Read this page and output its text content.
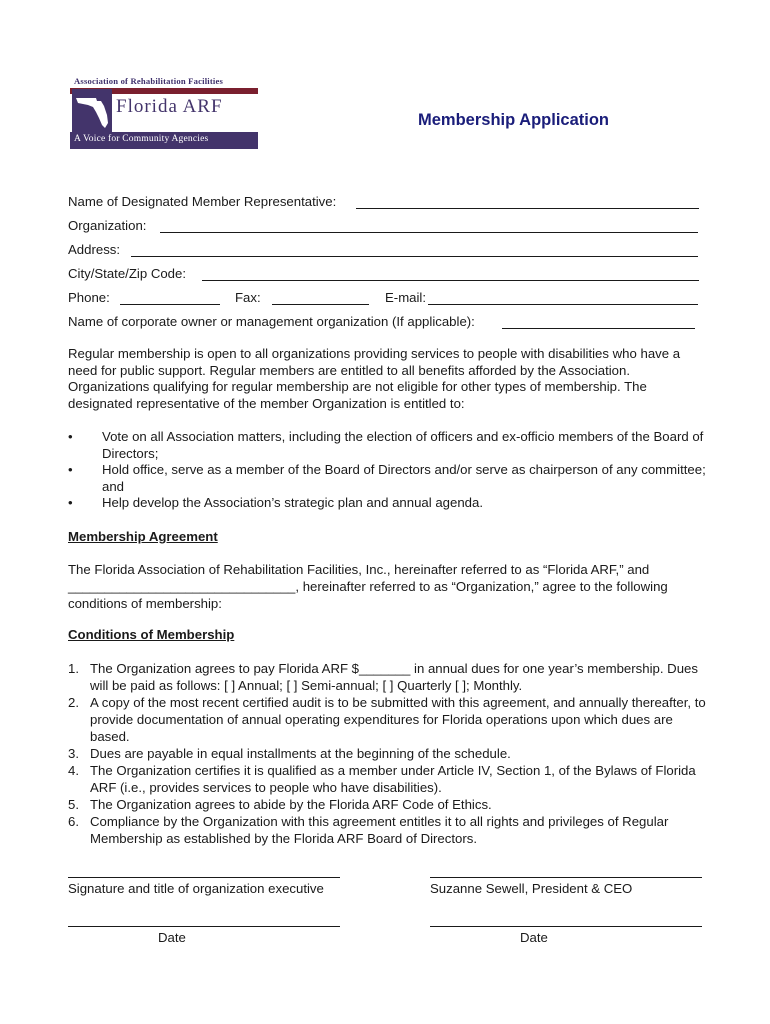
Association of Rehabilitation Facilities
Florida ARF
A Voice for Community Agencies
Membership Application
Name of Designated Member Representative:
Organization:
Address:
City/State/Zip Code:
Phone:	Fax:	E-mail:
Name of corporate owner or management organization (If applicable):
Regular membership is open to all organizations providing services to people with disabilities who have a need for public support. Regular members are entitled to all benefits afforded by the Association. Organizations qualifying for regular membership are not eligible for other types of membership. The designated representative of the member Organization is entitled to:
• Vote on all Association matters, including the election of officers and ex-officio members of the Board of Directors;
• Hold office, serve as a member of the Board of Directors and/or serve as chairperson of any committee; and
• Help develop the Association’s strategic plan and annual agenda.
Membership Agreement
The Florida Association of Rehabilitation Facilities, Inc., hereinafter referred to as “Florida ARF,” and
_______________________________, hereinafter referred to as “Organization,” agree to the following
conditions of membership:
Conditions of Membership
1. The Organization agrees to pay Florida ARF $_______ in annual dues for one year’s membership. Dues will be paid as follows: [ ] Annual; [ ] Semi-annual; [ ] Quarterly [ ]; Monthly.
2. A copy of the most recent certified audit is to be submitted with this agreement, and annually thereafter, to provide documentation of annual operating expenditures for Florida operations upon which dues are based.
3. Dues are payable in equal installments at the beginning of the schedule.
4. The Organization certifies it is qualified as a member under Article IV, Section 1, of the Bylaws of Florida ARF (i.e., provides services to people who have disabilities).
5. The Organization agrees to abide by the Florida ARF Code of Ethics.
6. Compliance by the Organization with this agreement entitles it to all rights and privileges of Regular Membership as established by the Florida ARF Board of Directors.
Signature and title of organization executive	Suzanne Sewell, President & CEO
Date	Date
